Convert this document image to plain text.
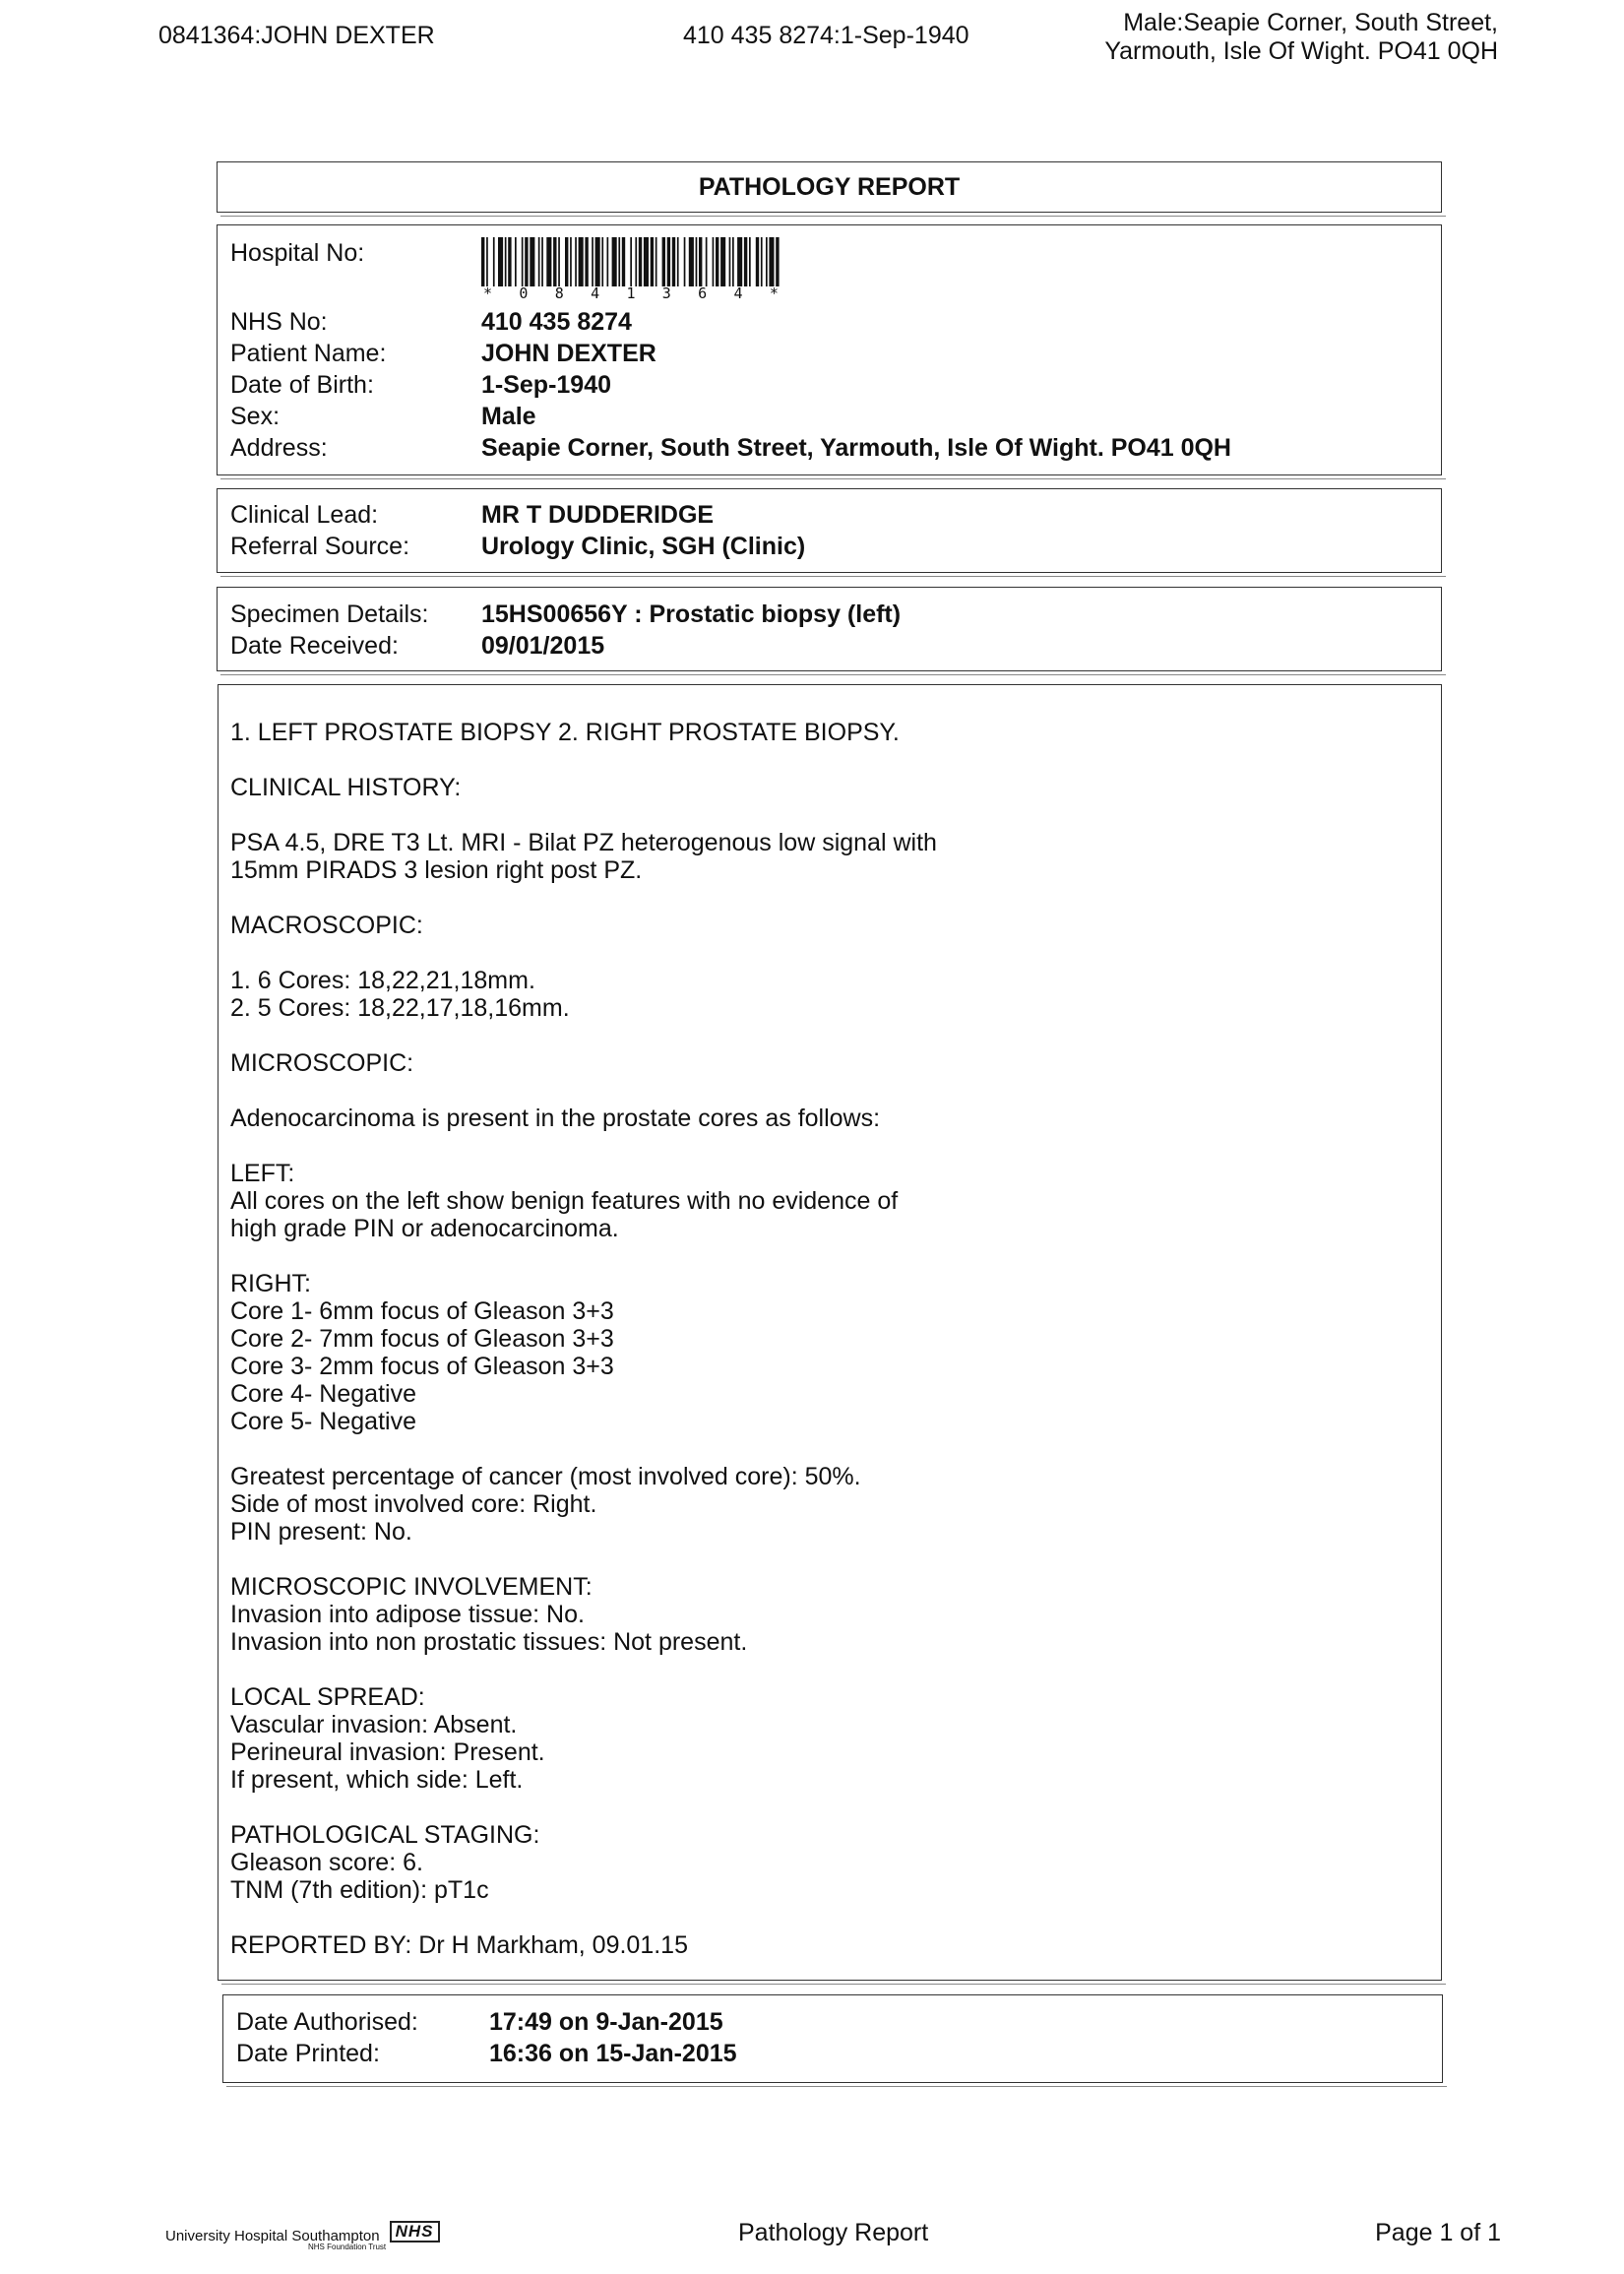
0841364:JOHN DEXTER	410 435 8274:1-Sep-1940	Male:Seapie Corner, South Street,
Yarmouth, Isle Of Wight. PO41 0QH
PATHOLOGY REPORT
Hospital No:
* 0 8 4 1 3 6 4 *
NHS No:	410 435 8274
Patient Name:	JOHN DEXTER
Date of Birth:	1-Sep-1940
Sex:	Male
Address:	Seapie Corner, South Street, Yarmouth, Isle Of Wight. PO41 0QH
Clinical Lead:	MR T DUDDERIDGE
Referral Source:	Urology Clinic, SGH (Clinic)
Specimen Details: 15HS00656Y : Prostatic biopsy (left)
Date Received:	09/01/2015

1. LEFT PROSTATE BIOPSY 2. RIGHT PROSTATE BIOPSY.

CLINICAL HISTORY:

PSA 4.5, DRE T3 Lt. MRI - Bilat PZ heterogenous low signal with
15mm PIRADS 3 lesion right post PZ.

MACROSCOPIC:

1. 6 Cores: 18,22,21,18mm.
2. 5 Cores: 18,22,17,18,16mm.

MICROSCOPIC:

Adenocarcinoma is present in the prostate cores as follows:

LEFT:
All cores on the left show benign features with no evidence of
high grade PIN or adenocarcinoma.

RIGHT:
Core 1- 6mm focus of Gleason 3+3
Core 2- 7mm focus of Gleason 3+3
Core 3- 2mm focus of Gleason 3+3
Core 4- Negative
Core 5- Negative

Greatest percentage of cancer (most involved core): 50%.
Side of most involved core: Right.
PIN present: No.

MICROSCOPIC INVOLVEMENT:
Invasion into adipose tissue: No.
Invasion into non prostatic tissues: Not present.

LOCAL SPREAD:
Vascular invasion: Absent.
Perineural invasion: Present.
If present, which side: Left.

PATHOLOGICAL STAGING:
Gleason score: 6.
TNM (7th edition): pT1c

REPORTED BY: Dr H Markham, 09.01.15

Date Authorised:	17:49 on 9-Jan-2015
Date Printed:	16:36 on 15-Jan-2015
University Hospital Southampton NHS
NHS Foundation Trust
Pathology Report	Page 1 of 1
